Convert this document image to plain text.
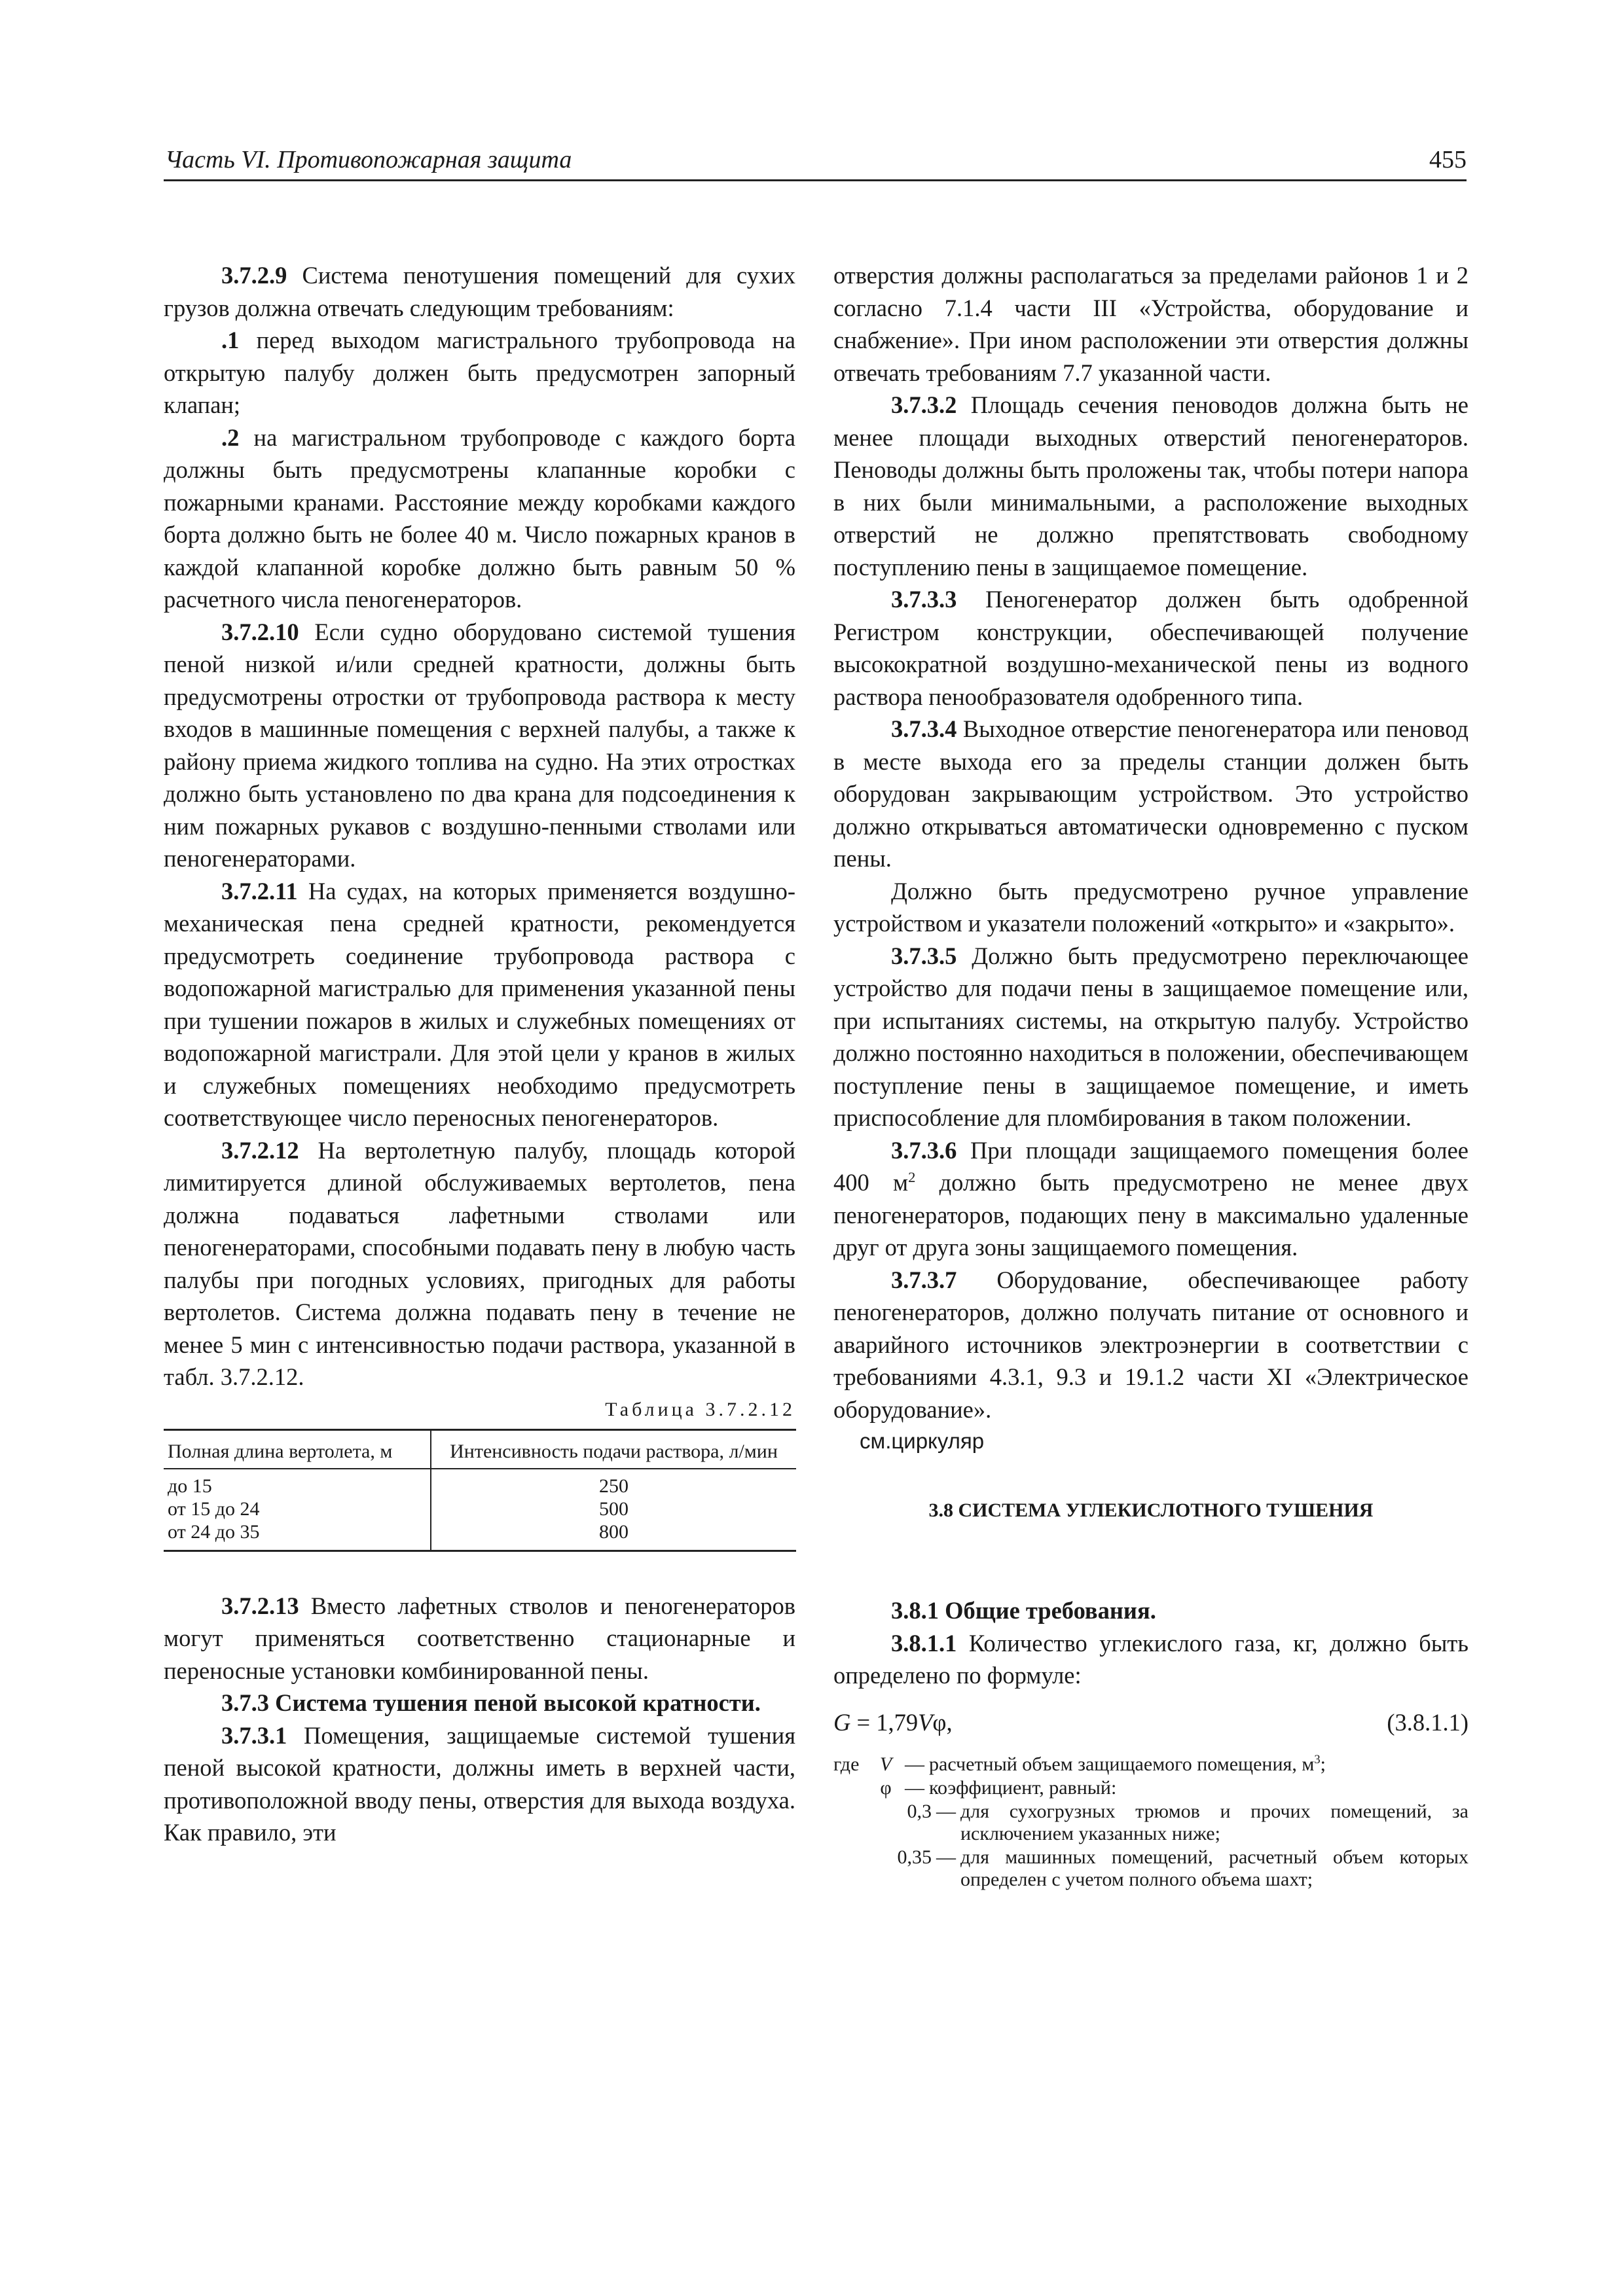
Часть VI. Противопожарная защита	455

3.7.2.9 Система пенотушения помещений для сухих грузов должна отвечать следующим требованиям:

.1 перед выходом магистрального трубопровода на открытую палубу должен быть предусмотрен запорный клапан;

.2 на магистральном трубопроводе с каждого борта должны быть предусмотрены клапанные коробки с пожарными кранами. Расстояние между коробками каждого борта должно быть не более 40 м. Число пожарных кранов в каждой клапанной коробке должно быть равным 50 % расчетного числа пеногенераторов.

3.7.2.10 Если судно оборудовано системой тушения пеной низкой и/или средней кратности, должны быть предусмотрены отростки от трубопровода раствора к месту входов в машинные помещения с верхней палубы, а также к району приема жидкого топлива на судно. На этих отростках должно быть установлено по два крана для подсоединения к ним пожарных рукавов с воздушно-пенными стволами или пеногенераторами.

3.7.2.11 На судах, на которых применяется воздушно-механическая пена средней кратности, рекомендуется предусмотреть соединение трубопровода раствора с водопожарной магистралью для применения указанной пены при тушении пожаров в жилых и служебных помещениях от водопожарной магистрали. Для этой цели у кранов в жилых и служебных помещениях необходимо предусмотреть соответствующее число переносных пеногенераторов.

3.7.2.12 На вертолетную палубу, площадь которой лимитируется длиной обслуживаемых вертолетов, пена должна подаваться лафетными стволами или пеногенераторами, способными подавать пену в любую часть палубы при погодных условиях, пригодных для работы вертолетов. Система должна подавать пену в течение не менее 5 мин с интенсивностью подачи раствора, указанной в табл. 3.7.2.12.

Таблица 3.7.2.12
Полная длина вертолета, м	Интенсивность подачи раствора, л/мин
до 15	250
от 15 до 24	500
от 24 до 35	800

3.7.2.13 Вместо лафетных стволов и пеногенераторов могут применяться соответственно стационарные и переносные установки комбинированной пены.

3.7.3 Система тушения пеной высокой кратности.

3.7.3.1 Помещения, защищаемые системой тушения пеной высокой кратности, должны иметь в верхней части, противоположной вводу пены, отверстия для выхода воздуха. Как правило, эти

отверстия должны располагаться за пределами районов 1 и 2 согласно 7.1.4 части III «Устройства, оборудование и снабжение». При ином расположении эти отверстия должны отвечать требованиям 7.7 указанной части.

3.7.3.2 Площадь сечения пеноводов должна быть не менее площади выходных отверстий пеногенераторов. Пеноводы должны быть проложены так, чтобы потери напора в них были минимальными, а расположение выходных отверстий не должно препятствовать свободному поступлению пены в защищаемое помещение.

3.7.3.3 Пеногенератор должен быть одобренной Регистром конструкции, обеспечивающей получение высокократной воздушно-механической пены из водного раствора пенообразователя одобренного типа.

3.7.3.4 Выходное отверстие пеногенератора или пеновод в месте выхода его за пределы станции должен быть оборудован закрывающим устройством. Это устройство должно открываться автоматически одновременно с пуском пены.

Должно быть предусмотрено ручное управление устройством и указатели положений «открыто» и «закрыто».

3.7.3.5 Должно быть предусмотрено переключающее устройство для подачи пены в защищаемое помещение или, при испытаниях системы, на открытую палубу. Устройство должно постоянно находиться в положении, обеспечивающем поступление пены в защищаемое помещение, и иметь приспособление для пломбирования в таком положении.

3.7.3.6 При площади защищаемого помещения более 400 $м^2$ должно быть предусмотрено не менее двух пеногенераторов, подающих пену в максимально удаленные друг от друга зоны защищаемого помещения.

3.7.3.7 Оборудование, обеспечивающее работу пеногенераторов, должно получать питание от основного и аварийного источников электроэнергии в соответствии с требованиями 4.3.1, 9.3 и 19.1.2 части XI «Электрическое оборудование».

см.циркуляр
3.8 СИСТЕМА УГЛЕКИСЛОТНОГО ТУШЕНИЯ

3.8.1 Общие требования.

3.8.1.1 Количество углекислого газа, кг, должно быть определено по формуле:

G = 1,79Vφ,	(3.8.1.1)
где	V — расчетный объем защищаемого помещения, $м^3$;
φ — коэффициент, равный:
0,3 — для сухогрузных трюмов и прочих помещений, за исключением указанных ниже;
0,35 — для машинных помещений, расчетный объем которых определен с учетом полного объема шахт;
